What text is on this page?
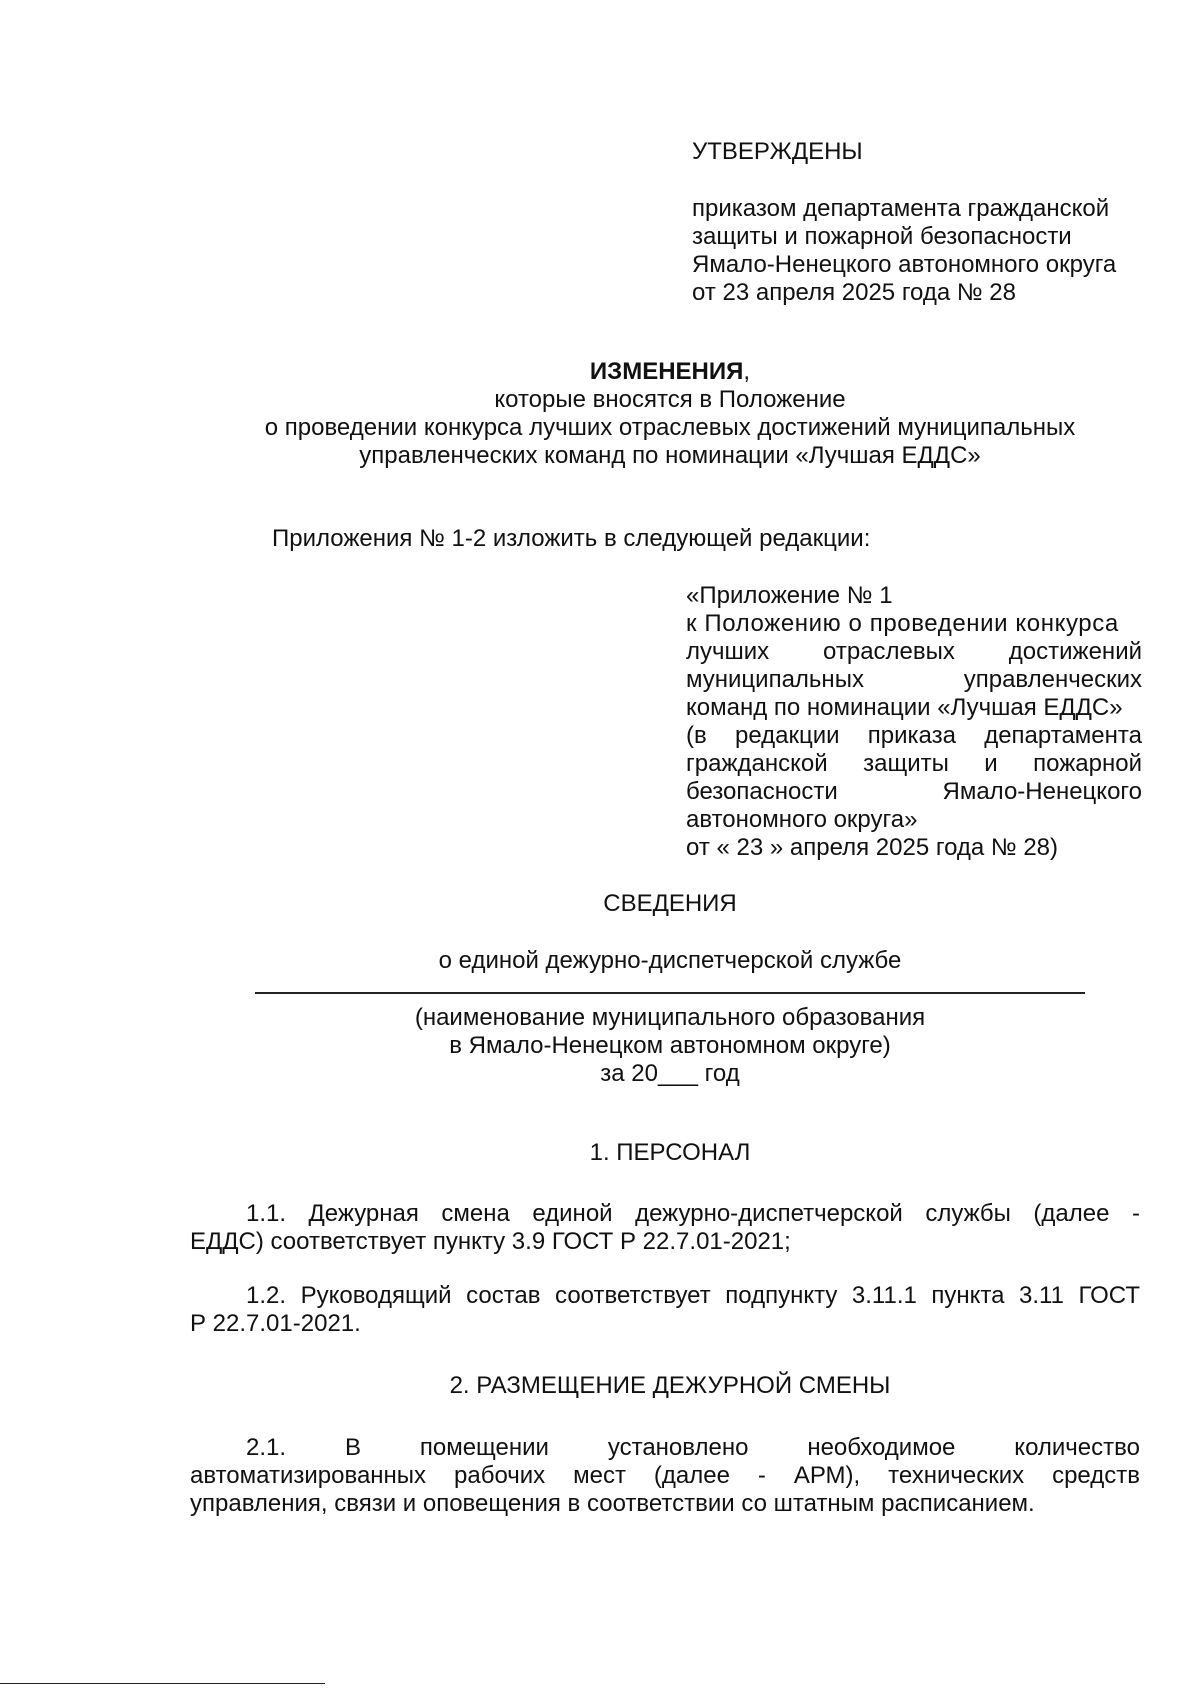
УТВЕРЖДЕНЫ
приказом департамента гражданской
защиты и пожарной безопасности
Ямало-Ненецкого автономного округа
от 23 апреля 2025 года № 28
ИЗМЕНЕНИЯ,
которые вносятся в Положение
о проведении конкурса лучших отраслевых достижений муниципальных
управленческих команд по номинации «Лучшая ЕДДС»
Приложения № 1-2 изложить в следующей редакции:
«Приложение № 1
к Положению о проведении конкурса
лучших отраслевых достижений
муниципальных	управленческих
команд по номинации «Лучшая ЕДДС»
(в редакции приказа департамента
гражданской защиты и пожарной
безопасности	Ямало-Ненецкого
автономного округа»
от « 23 » апреля 2025 года № 28)
СВЕДЕНИЯ
о единой дежурно-диспетчерской службе
(наименование муниципального образования
в Ямало-Ненецком автономном округе)
за 20___ год
1. ПЕРСОНАЛ
1.1. Дежурная смена единой дежурно-диспетчерской службы (далее -
ЕДДС) соответствует пункту 3.9 ГОСТ Р 22.7.01-2021;
1.2. Руководящий состав соответствует подпункту 3.11.1 пункта 3.11 ГОСТ
Р 22.7.01-2021.
2. РАЗМЕЩЕНИЕ ДЕЖУРНОЙ СМЕНЫ
2.1. В помещении установлено необходимое количество
автоматизированных рабочих мест (далее - АРМ), технических средств
управления, связи и оповещения в соответствии со штатным расписанием.
